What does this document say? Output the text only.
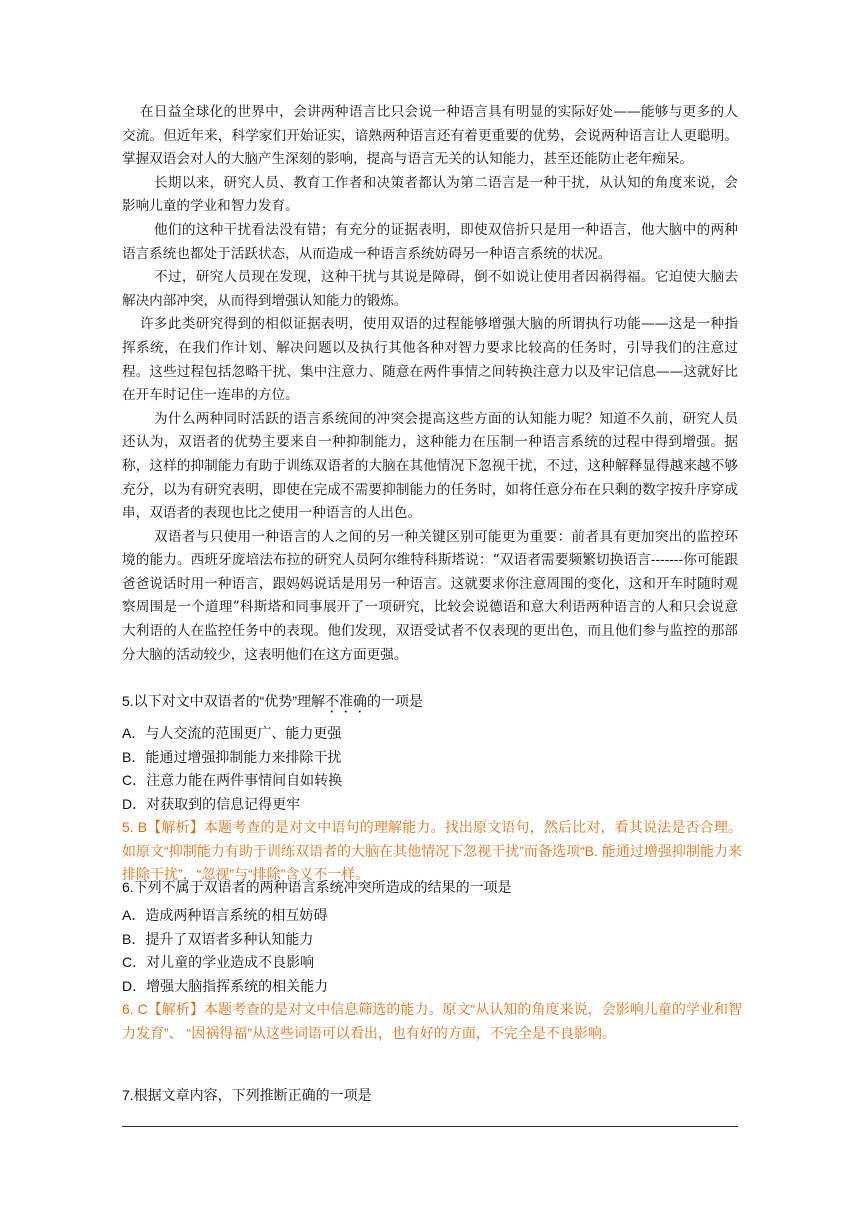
在日益全球化的世界中，会讲两种语言比只会说一种语言具有明显的实际好处——能够与更多的人交流。但近年来，科学家们开始证实，谙熟两种语言还有着更重要的优势，会说两种语言让人更聪明。掌握双语会对人的大脑产生深刻的影响，提高与语言无关的认知能力，甚至还能防止老年痴呆。

长期以来，研究人员、教育工作者和决策者都认为第二语言是一种干扰，从认知的角度来说，会影响儿童的学业和智力发育。

他们的这种干扰看法没有错；有充分的证据表明，即使双倍折只是用一种语言，他大脑中的两种语言系统也都处于活跃状态，从而造成一种语言系统妨碍另一种语言系统的状况。

不过，研究人员现在发现，这种干扰与其说是障碍，倒不如说让使用者因祸得福。它迫使大脑去解决内部冲突，从而得到增强认知能力的锻炼。

许多此类研究得到的相似证据表明，使用双语的过程能够增强大脑的所谓执行功能——这是一种指挥系统，在我们作计划、解决问题以及执行其他各种对智力要求比较高的任务时，引导我们的注意过程。这些过程包括忽略干扰、集中注意力、随意在两件事情之间转换注意力以及牢记信息——这就好比在开车时记住一连串的方位。

为什么两种同时活跃的语言系统间的冲突会提高这些方面的认知能力呢？知道不久前，研究人员还认为，双语者的优势主要来自一种抑制能力，这种能力在压制一种语言系统的过程中得到增强。据称，这样的抑制能力有助于训练双语者的大脑在其他情况下忽视干扰，不过，这种解释显得越来越不够充分，以为有研究表明，即使在完成不需要抑制能力的任务时，如将任意分布在只剩的数字按升序穿成串，双语者的表现也比之使用一种语言的人出色。

双语者与只使用一种语言的人之间的另一种关键区别可能更为重要：前者具有更加突出的监控环境的能力。西班牙庞培法布拉的研究人员阿尔维特科斯塔说：“双语者需要频繁切换语言-------你可能跟爸爸说话时用一种语言，跟妈妈说话是用另一种语言。这就要求你注意周围的变化，这和开车时随时观察周围是一个道理”科斯塔和同事展开了一项研究，比较会说德语和意大利语两种语言的人和只会说意大利语的人在监控任务中的表现。他们发现，双语受试者不仅表现的更出色，而且他们参与监控的那部分大脑的活动较少，这表明他们在这方面更强。

5.以下对文中双语者的“优势”理解不准确的一项是

A．与人交流的范围更广、能力更强

B．能通过增强抑制能力来排除干扰

C．注意力能在两件事情间自如转换

D．对获取到的信息记得更牢

5. B【解析】本题考查的是对文中语句的理解能力。找出原文语句，然后比对，看其说法是否合理。如原文“抑制能力有助于训练双语者的大脑在其他情况下忽视干扰”而备选项“B. 能通过增强抑制能力来排除干扰”，“忽视”与“排除”含义不一样。

6.下列不属于双语者的两种语言系统冲突所造成的结果的一项是

A．造成两种语言系统的相互妨碍

B．提升了双语者多种认知能力

C．对儿童的学业造成不良影响

D．增强大脑指挥系统的相关能力

6. C【解析】本题考查的是对文中信息筛选的能力。原文“从认知的角度来说，会影响儿童的学业和智力发育”、 “因祸得福”从这些词语可以看出，也有好的方面，不完全是不良影响。

7.根据文章内容，下列推断正确的一项是
